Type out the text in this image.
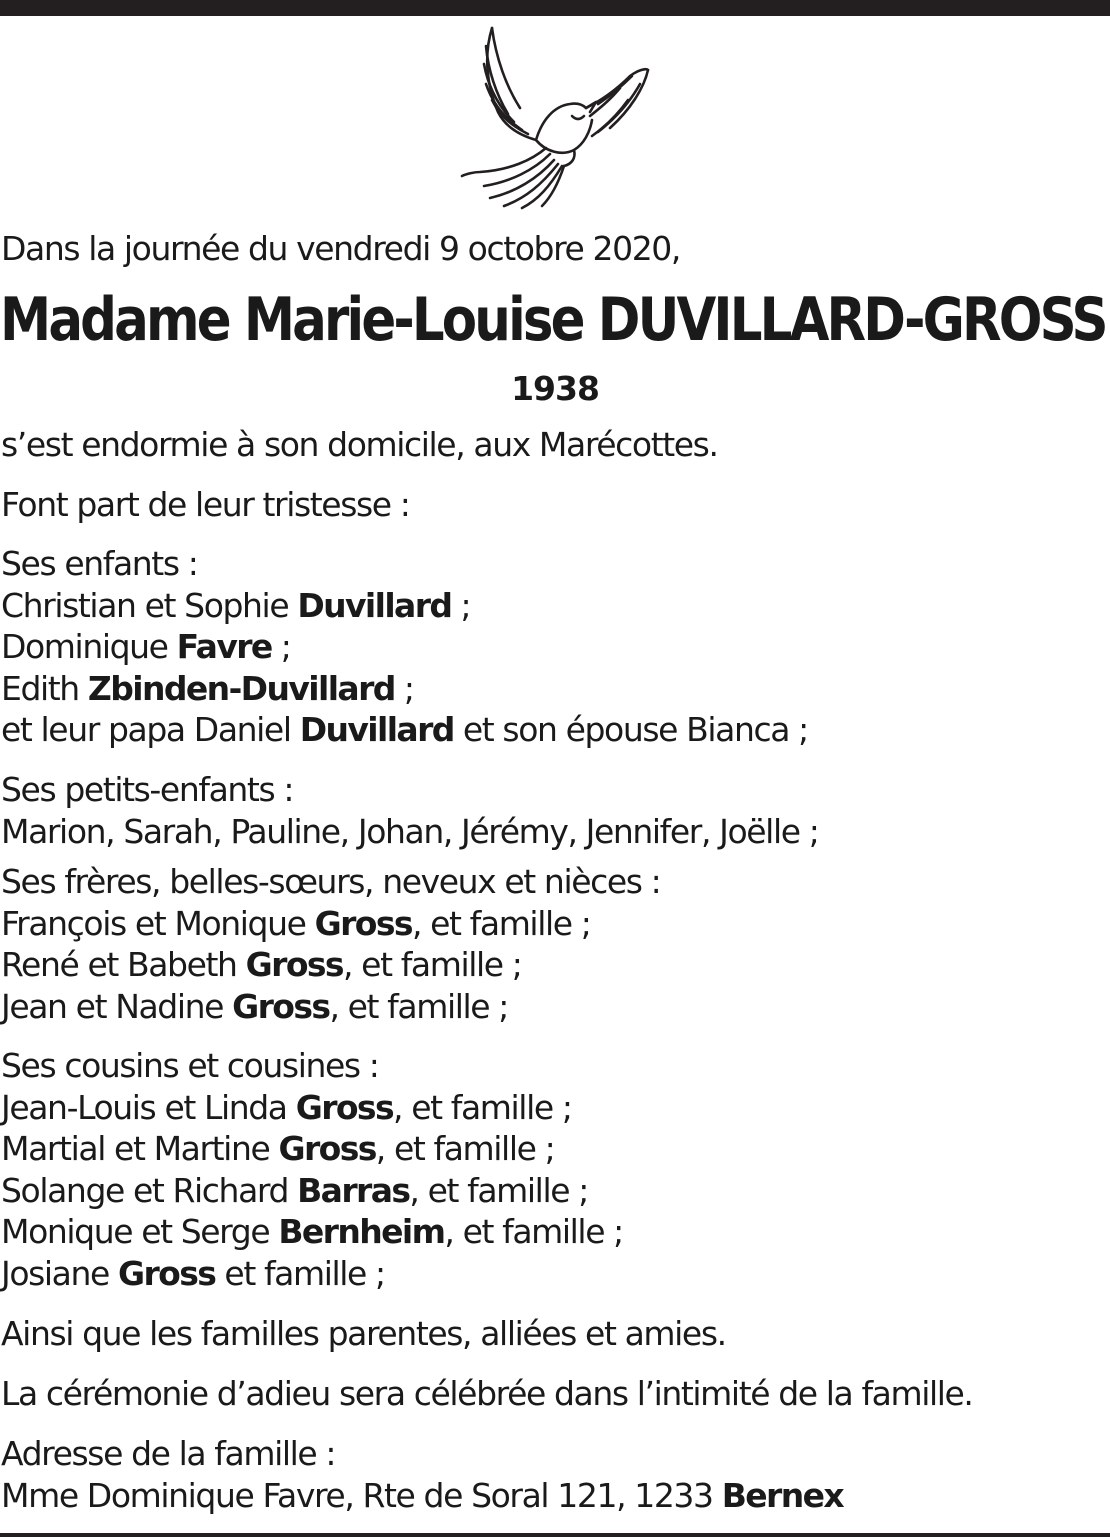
Dans la journée du vendredi 9 octobre 2020,
Madame Marie-Louise DUVILLARD-GROSS
1938
s’est endormie à son domicile, aux Marécottes.
Font part de leur tristesse :
Ses enfants :
Christian et Sophie Duvillard ;
Dominique Favre ;
Edith Zbinden-Duvillard ;
et leur papa Daniel Duvillard et son épouse Bianca ;
Ses petits-enfants :
Marion, Sarah, Pauline, Johan, Jérémy, Jennifer, Joëlle ;
Ses frères, belles-sœurs, neveux et nièces :
François et Monique Gross, et famille ;
René et Babeth Gross, et famille ;
Jean et Nadine Gross, et famille ;
Ses cousins et cousines :
Jean-Louis et Linda Gross, et famille ;
Martial et Martine Gross, et famille ;
Solange et Richard Barras, et famille ;
Monique et Serge Bernheim, et famille ;
Josiane Gross et famille ;
Ainsi que les familles parentes, alliées et amies.
La cérémonie d’adieu sera célébrée dans l’intimité de la famille.
Adresse de la famille :
Mme Dominique Favre, Rte de Soral 121, 1233 Bernex
